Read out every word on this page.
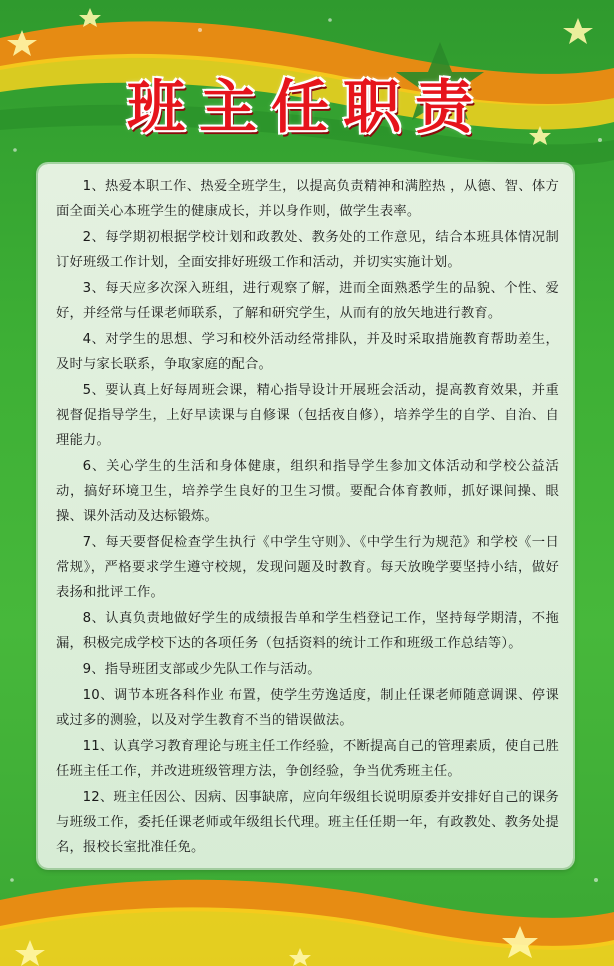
班主任职责

1、热爱本职工作、热爱全班学生，以提高负责精神和满腔热 ，从德、智、体方面全面关心本班学生的健康成长，并以身作则，做学生表率。

2、每学期初根据学校计划和政教处、教务处的工作意见，结合本班具体情况制订好班级工作计划，全面安排好班级工作和活动，并切实实施计划。

3、每天应多次深入班组，进行观察了解，进而全面熟悉学生的品貌、个性、爱好，并经常与任课老师联系，了解和研究学生，从而有的放矢地进行教育。

4、对学生的思想、学习和校外活动经常排队，并及时采取措施教育帮助差生，及时与家长联系，争取家庭的配合。

5、要认真上好每周班会课，精心指导设计开展班会活动，提高教育效果，并重视督促指导学生，上好早读课与自修课（包括夜自修），培养学生的自学、自治、自理能力。

6、关心学生的生活和身体健康，组织和指导学生参加文体活动和学校公益活动，搞好环境卫生，培养学生良好的卫生习惯。要配合体育教师，抓好课间操、眼操、课外活动及达标锻炼。

7、每天要督促检查学生执行《中学生守则》、《中学生行为规范》和学校《一日常规》，严格要求学生遵守校规，发现问题及时教育。每天放晚学要坚持小结，做好表扬和批评工作。

8、认真负责地做好学生的成绩报告单和学生档登记工作，坚持每学期清，不拖漏，积极完成学校下达的各项任务（包括资料的统计工作和班级工作总结等）。

9、指导班团支部或少先队工作与活动。

10、调节本班各科作业 布置，使学生劳逸适度，制止任课老师随意调课、停课或过多的测验，以及对学生教育不当的错误做法。

11、认真学习教育理论与班主任工作经验，不断提高自己的管理素质，使自己胜任班主任工作，并改进班级管理方法，争创经验，争当优秀班主任。

12、班主任因公、因病、因事缺席，应向年级组长说明原委并安排好自己的课务与班级工作，委托任课老师或年级组长代理。班主任任期一年，有政教处、教务处提名，报校长室批准任免。
